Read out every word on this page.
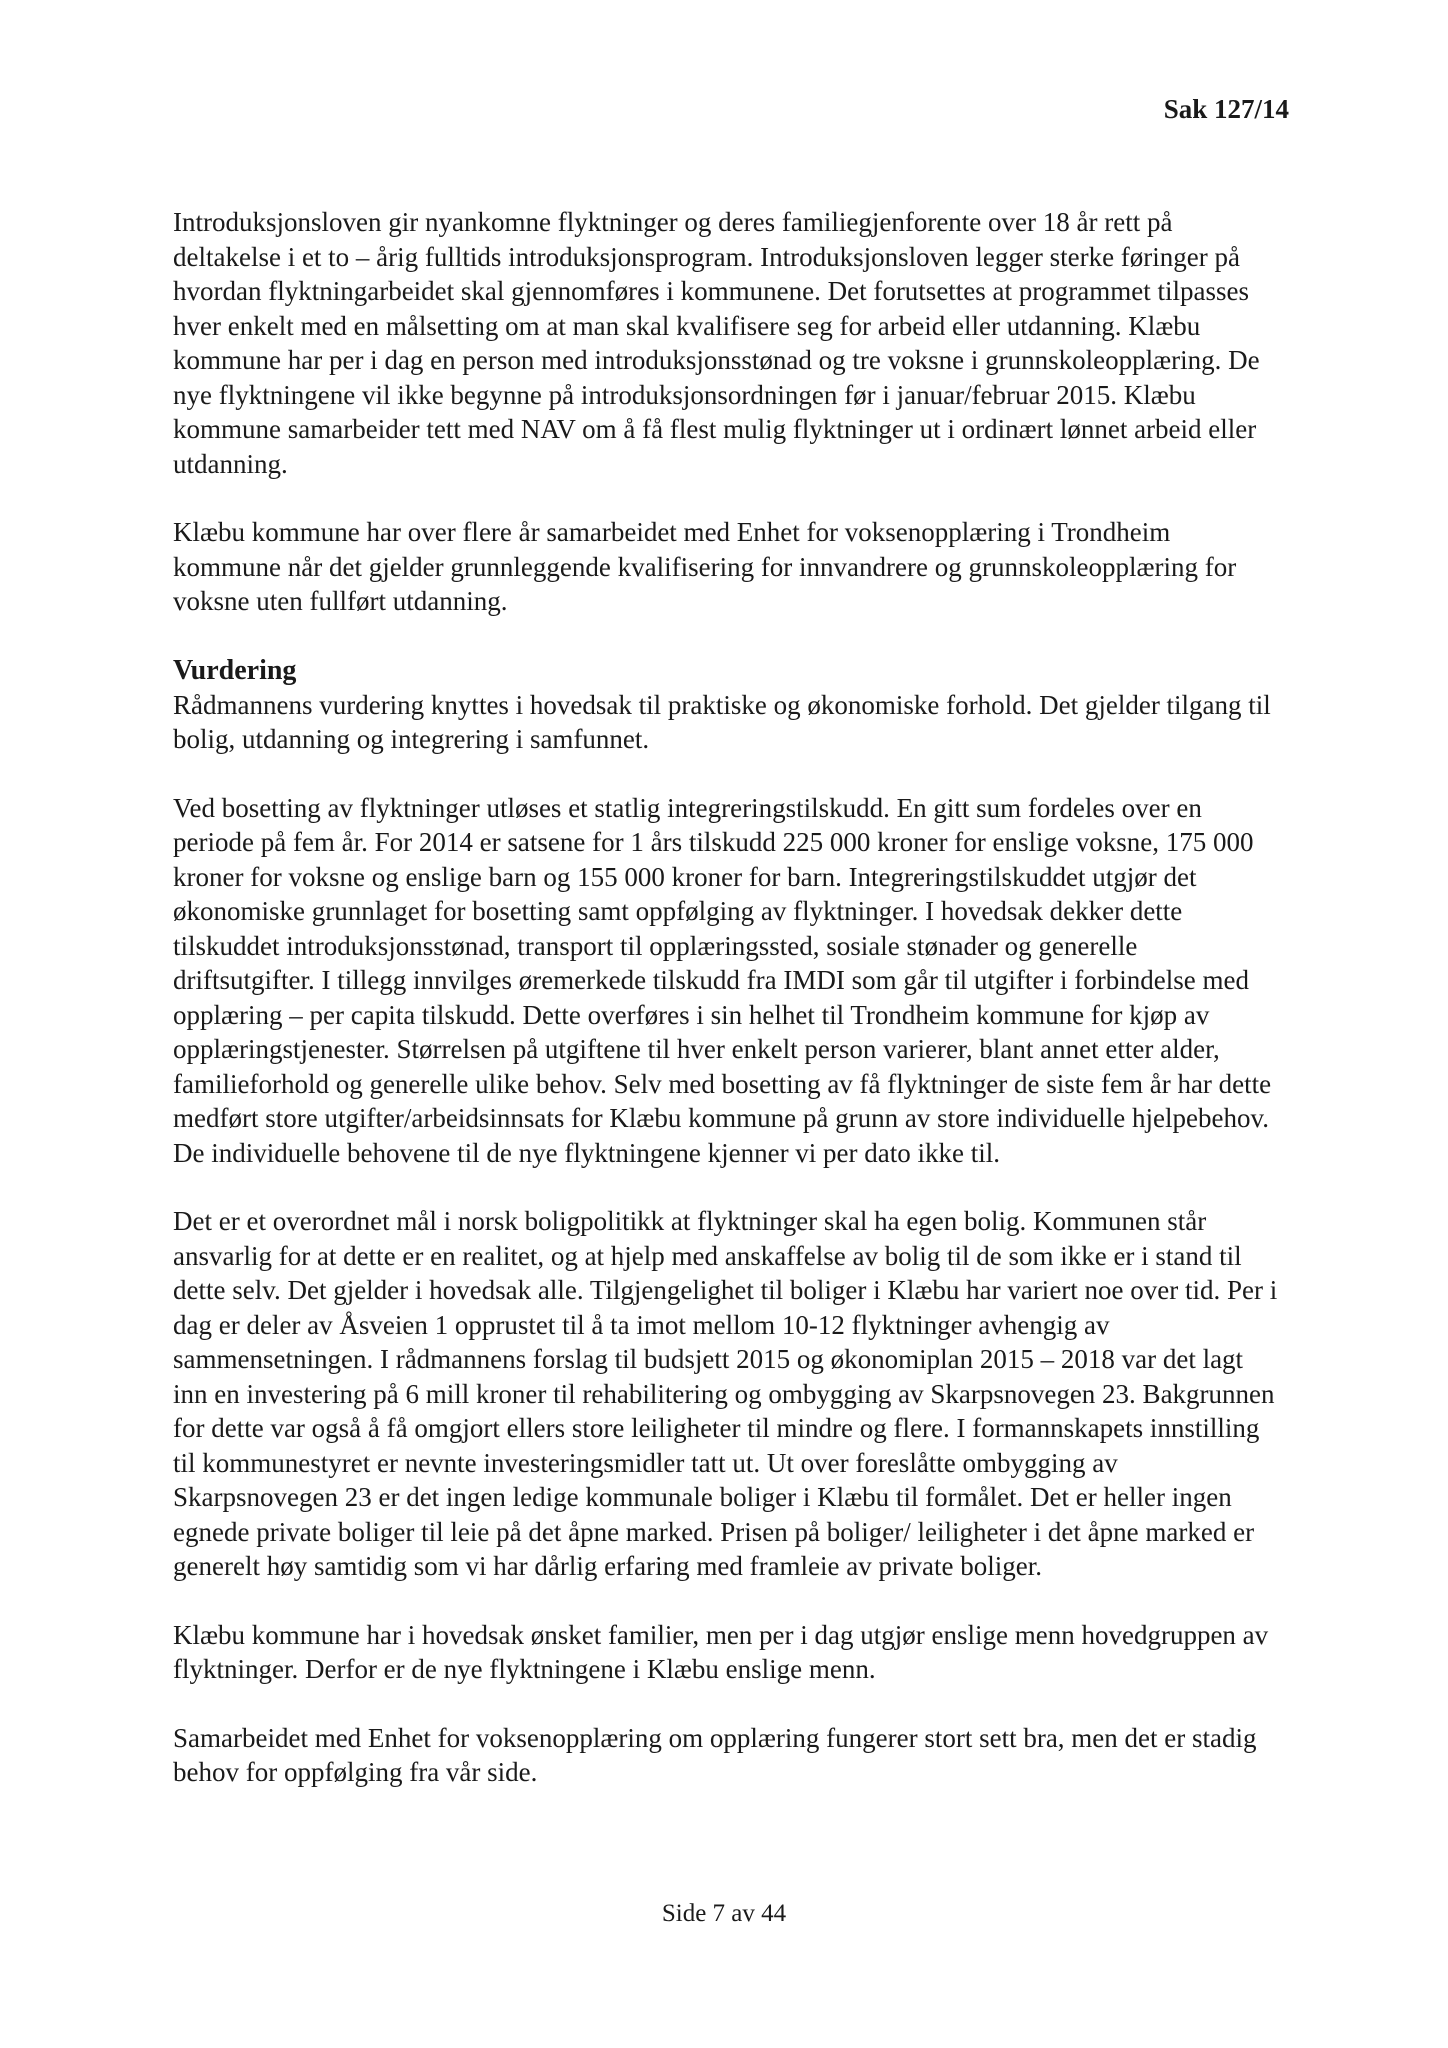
Sak 127/14

Introduksjonsloven gir nyankomne flyktninger og deres familiegjenforente over 18 år rett på deltakelse i et to – årig fulltids introduksjonsprogram. Introduksjonsloven legger sterke føringer på hvordan flyktningarbeidet skal gjennomføres i kommunene. Det forutsettes at programmet tilpasses hver enkelt med en målsetting om at man skal kvalifisere seg for arbeid eller utdanning. Klæbu kommune har per i dag en person med introduksjonsstønad og tre voksne i grunnskoleopplæring. De nye flyktningene vil ikke begynne på introduksjonsordningen før i januar/februar 2015. Klæbu kommune samarbeider tett med NAV om å få flest mulig flyktninger ut i ordinært lønnet arbeid eller utdanning.

Klæbu kommune har over flere år samarbeidet med Enhet for voksenopplæring i Trondheim kommune når det gjelder grunnleggende kvalifisering for innvandrere og grunnskoleopplæring for voksne uten fullført utdanning.

Vurdering

Rådmannens vurdering knyttes i hovedsak til praktiske og økonomiske forhold. Det gjelder tilgang til bolig, utdanning og integrering i samfunnet.

Ved bosetting av flyktninger utløses et statlig integreringstilskudd. En gitt sum fordeles over en periode på fem år. For 2014 er satsene for 1 års tilskudd 225 000 kroner for enslige voksne, 175 000 kroner for voksne og enslige barn og 155 000 kroner for barn. Integreringstilskuddet utgjør det økonomiske grunnlaget for bosetting samt oppfølging av flyktninger. I hovedsak dekker dette tilskuddet introduksjonsstønad, transport til opplæringssted, sosiale stønader og generelle driftsutgifter. I tillegg innvilges øremerkede tilskudd fra IMDI som går til utgifter i forbindelse med opplæring – per capita tilskudd. Dette overføres i sin helhet til Trondheim kommune for kjøp av opplæringstjenester. Størrelsen på utgiftene til hver enkelt person varierer, blant annet etter alder, familieforhold og generelle ulike behov. Selv med bosetting av få flyktninger de siste fem år har dette medført store utgifter/arbeidsinnsats for Klæbu kommune på grunn av store individuelle hjelpebehov. De individuelle behovene til de nye flyktningene kjenner vi per dato ikke til.

Det er et overordnet mål i norsk boligpolitikk at flyktninger skal ha egen bolig. Kommunen står ansvarlig for at dette er en realitet, og at hjelp med anskaffelse av bolig til de som ikke er i stand til dette selv. Det gjelder i hovedsak alle. Tilgjengelighet til boliger i Klæbu har variert noe over tid. Per i dag er deler av Åsveien 1 opprustet til å ta imot mellom 10-12 flyktninger avhengig av sammensetningen. I rådmannens forslag til budsjett 2015 og økonomiplan 2015 – 2018 var det lagt inn en investering på 6 mill kroner til rehabilitering og ombygging av Skarpsnovegen 23. Bakgrunnen for dette var også å få omgjort ellers store leiligheter til mindre og flere. I formannskapets innstilling til kommunestyret er nevnte investeringsmidler tatt ut. Ut over foreslåtte ombygging av Skarpsnovegen 23 er det ingen ledige kommunale boliger i Klæbu til formålet. Det er heller ingen egnede private boliger til leie på det åpne marked. Prisen på boliger/ leiligheter i det åpne marked er generelt høy samtidig som vi har dårlig erfaring med framleie av private boliger.

Klæbu kommune har i hovedsak ønsket familier, men per i dag utgjør enslige menn hovedgruppen av flyktninger. Derfor er de nye flyktningene i Klæbu enslige menn.

Samarbeidet med Enhet for voksenopplæring om opplæring fungerer stort sett bra, men det er stadig behov for oppfølging fra vår side.

Side 7 av 44
